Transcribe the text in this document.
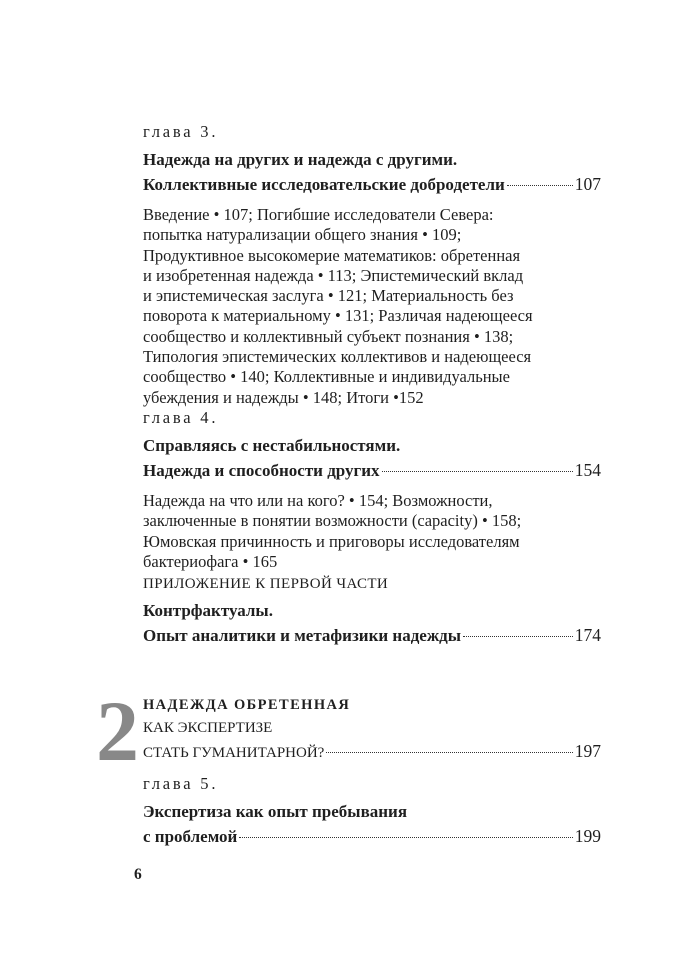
глава 3.

Надежда на других и надежда с другими.

Коллективные исследовательские добродетели	107

Введение • 107; Погибшие исследователи Севера:

попытка натурализации общего знания • 109;

Продуктивное высокомерие математиков: обретенная

и изобретенная надежда • 113; Эпистемический вклад

и эпистемическая заслуга • 121; Материальность без

поворота к материальному • 131; Различая надеющееся

сообщество и коллективный субъект познания • 138;

Типология эпистемических коллективов и надеющееся

сообщество • 140; Коллективные и индивидуальные

убеждения и надежды • 148; Итоги •152

глава 4.

Справляясь с нестабильностями.

Надежда и способности других	154

Надежда на что или на кого? • 154; Возможности,

заключенные в понятии возможности (capacity) • 158;

Юмовская причинность и приговоры исследователям

бактериофага • 165

ПРИЛОЖЕНИЕ К ПЕРВОЙ ЧАСТИ

Контрфактуалы.

Опыт аналитики и метафизики надежды	174
2 НАДЕЖДА ОБРЕТЕННАЯ

КАК ЭКСПЕРТИЗЕ

СТАТЬ ГУМАНИТАРНОЙ?	197

глава 5.

Экспертиза как опыт пребывания

с проблемой	199
6
